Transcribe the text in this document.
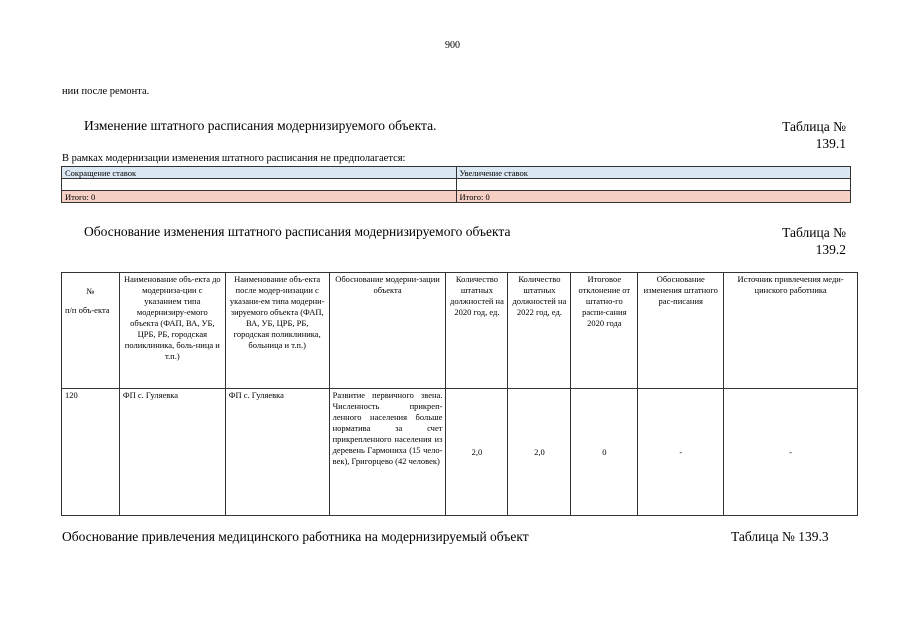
900
нии после ремонта.
Изменение штатного расписания модернизируемого объекта.	Таблица №
139.1
В рамках модернизации изменения штатного расписания не предполагается:
Сокращение ставок	Увеличение ставок

Итого: 0	Итого: 0
Обоснование изменения штатного расписания модернизируемого объекта	Таблица №
139.2
№
п/п объ-екта	Наименование объ-екта до модерниза-ции с указанием типа модернизиру-емого объекта (ФАП, ВА, УБ, ЦРБ, РБ, городская поликлиника, боль-ница и т.п.)	Наименование объ-екта после модер-низации с указани-ем типа модерни-зируемого объекта (ФАП, ВА, УБ, ЦРБ, РБ, городская поликлиника, больница и т.п.)	Обоснование модерни-зации объекта	Количество штатных должностей на 2020 год, ед.	Количество штатных должностей на 2022 год, ед.	Итоговое отклонение от штатно-го распи-сания 2020 года	Обоснование изменения штатного рас-писания	Источник привлечения меди-цинского работника
120	ФП с. Гуляевка	ФП с. Гуляевка	Развитие первичного звена. Численность прикреп-ленного населения больше норматива за счет прикрепленного населения из деревень Гармониха (15 чело-век), Григорцево (42 человек)	2,0	2,0	0	-	-
Обоснование привлечения медицинского работника на модернизируемый объект	Таблица № 139.3
